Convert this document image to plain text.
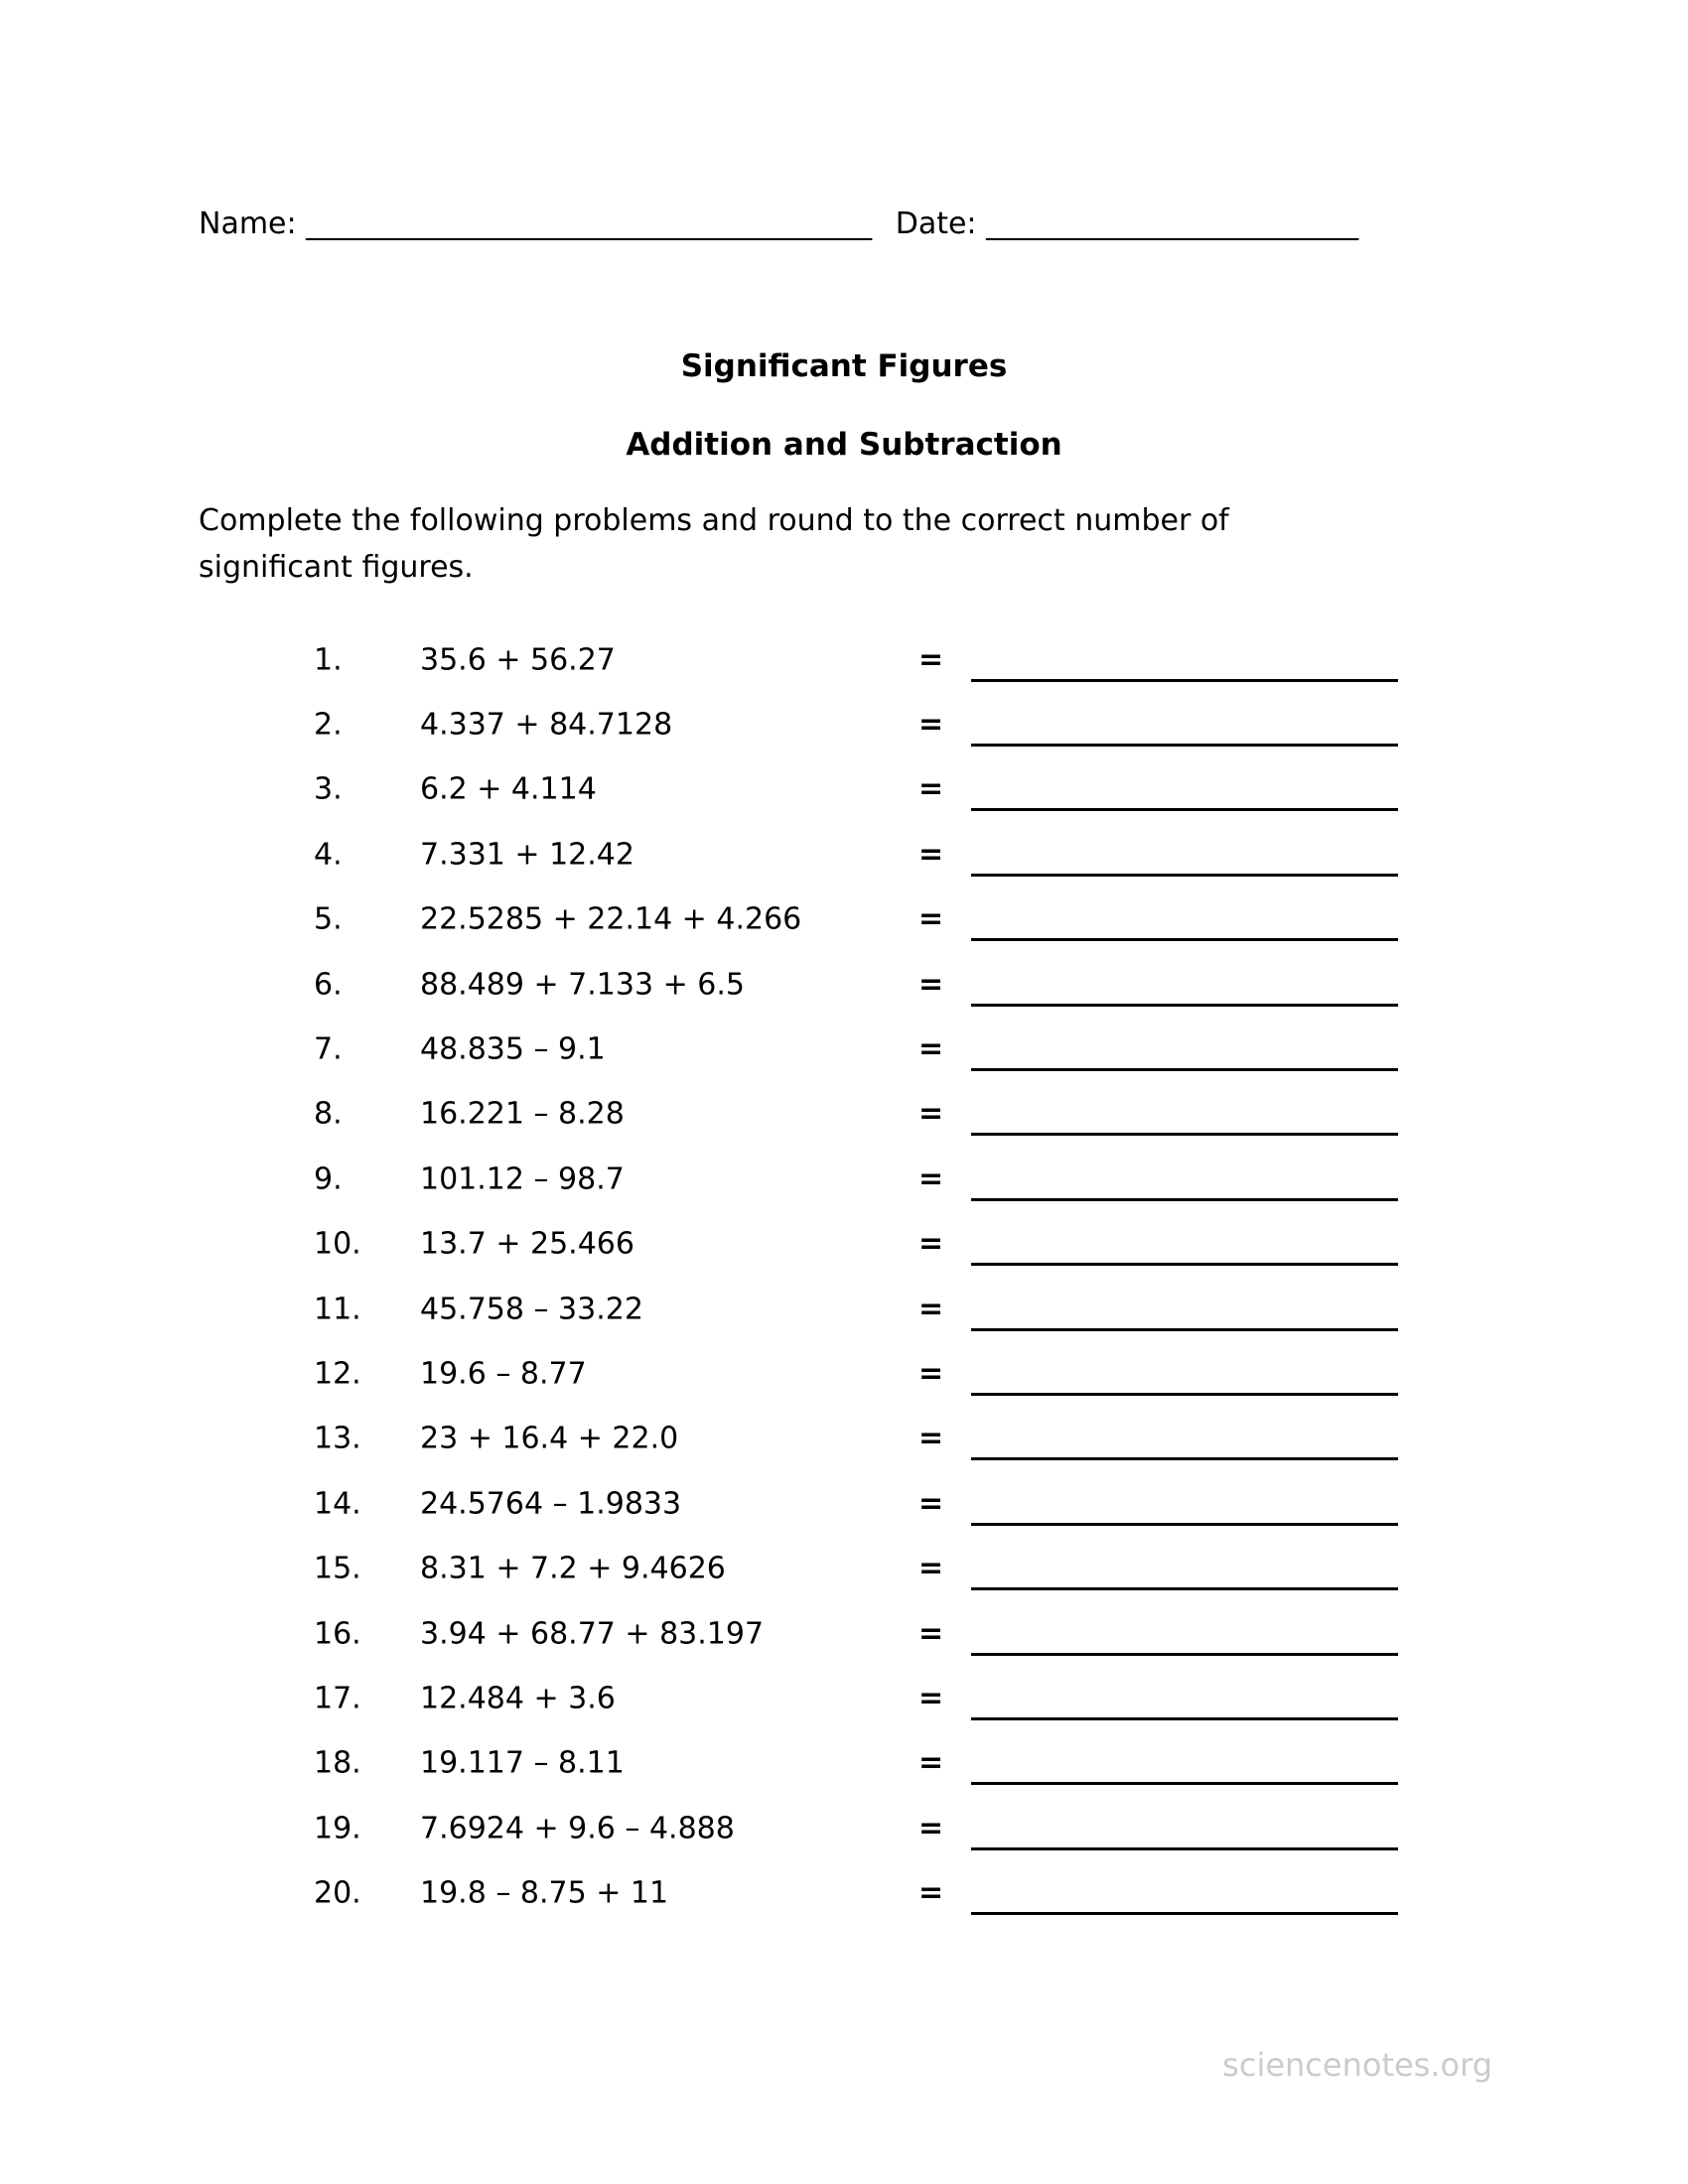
Name: ______________________________________ Date: _________________________
Significant Figures
Addition and Subtraction
Complete the following problems and round to the correct number of significant figures.
1.	35.6 + 56.27	=
2.	4.337 + 84.7128	=
3.	6.2 + 4.114	=
4.	7.331 + 12.42	=
5.	22.5285 + 22.14 + 4.266	=
6.	88.489 + 7.133 + 6.5	=
7.	48.835 – 9.1	=
8.	16.221 – 8.28	=
9.	101.12 – 98.7	=
10. 13.7 + 25.466	=
11. 45.758 – 33.22	=
12. 19.6 – 8.77	=
13. 23 + 16.4 + 22.0	=
14. 24.5764 – 1.9833	=
15. 8.31 + 7.2 + 9.4626	=
16. 3.94 + 68.77 + 83.197	=
17. 12.484 + 3.6	=
18. 19.117 – 8.11	=
19. 7.6924 + 9.6 – 4.888	=
20. 19.8 – 8.75 + 11	=
sciencenotes.org
